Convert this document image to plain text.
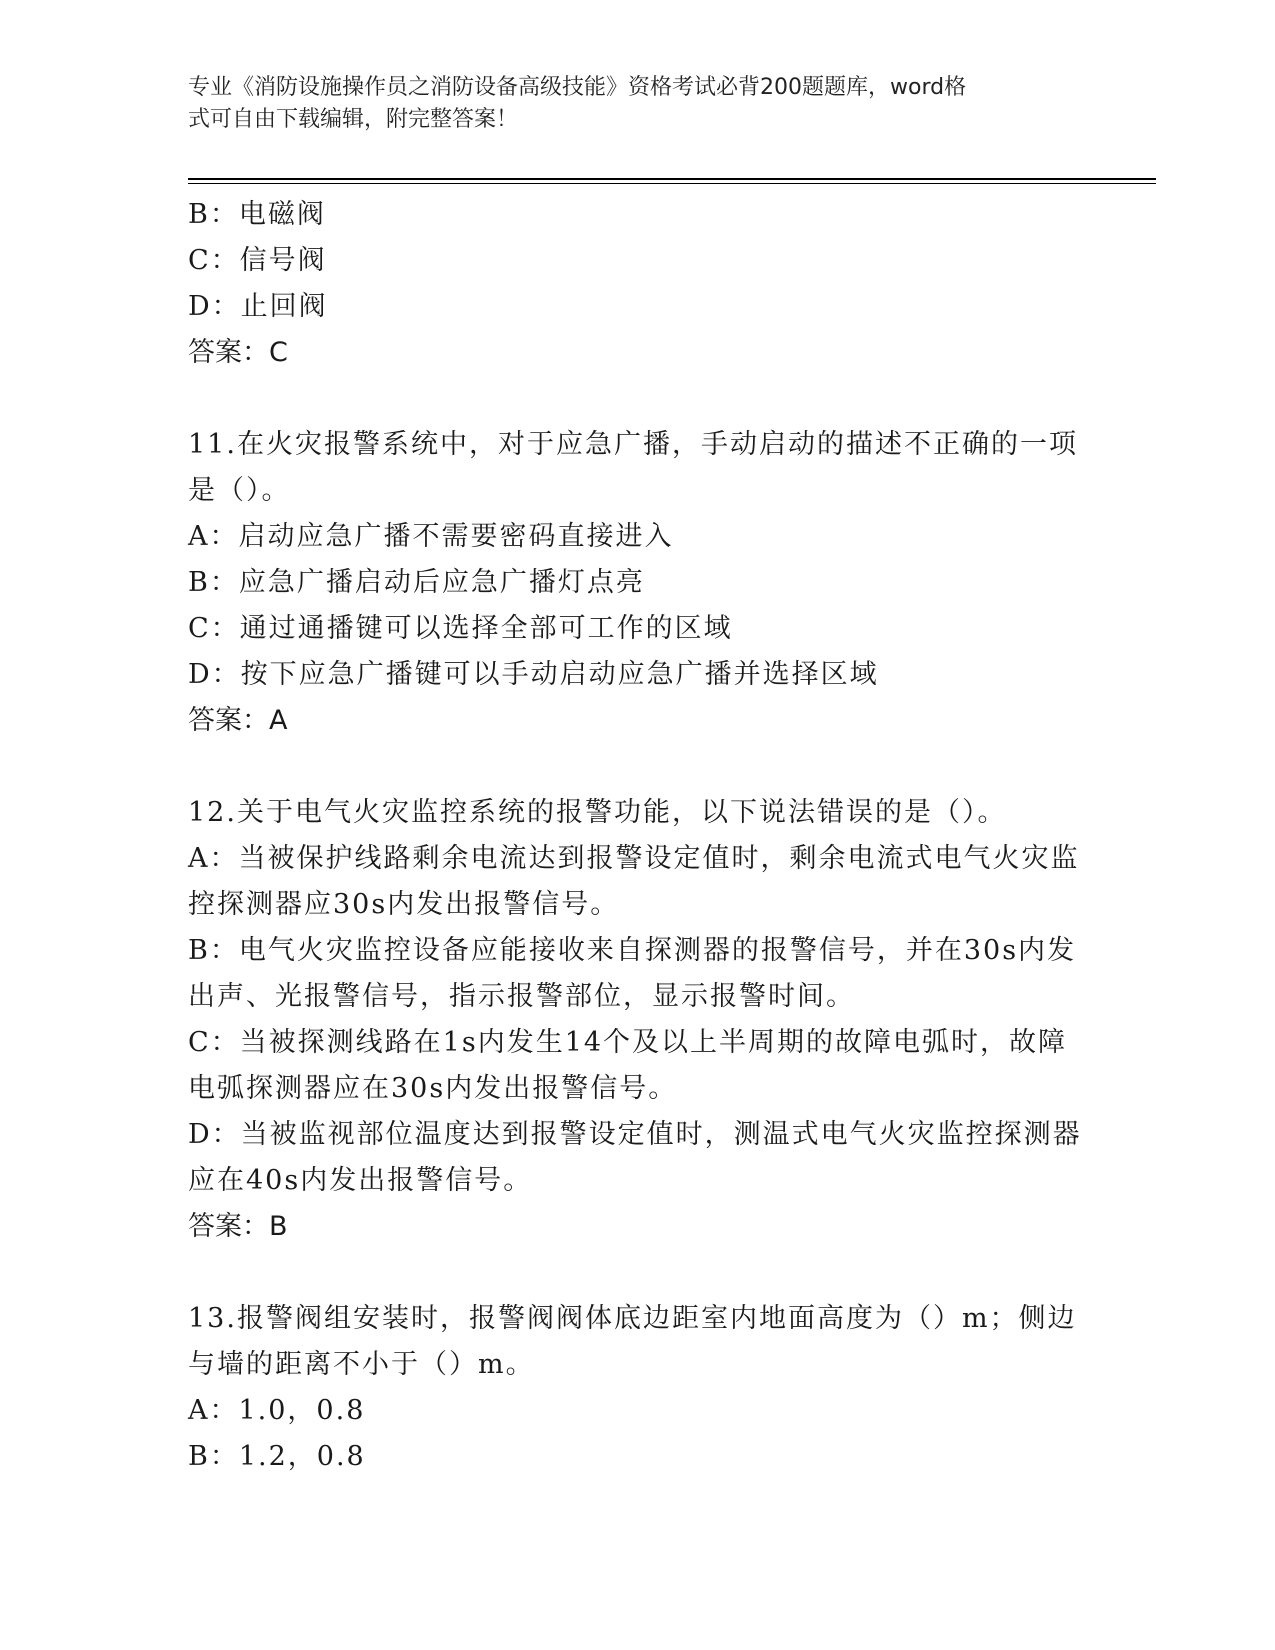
专业《消防设施操作员之消防设备高级技能》资格考试必背200题题库，word格
式可自由下载编辑，附完整答案！
B：电磁阀
C：信号阀
D：止回阀
答案：C
11.在火灾报警系统中，对于应急广播，手动启动的描述不正确的一项
是（）。
A：启动应急广播不需要密码直接进入
B：应急广播启动后应急广播灯点亮
C：通过通播键可以选择全部可工作的区域
D：按下应急广播键可以手动启动应急广播并选择区域
答案：A
12.关于电气火灾监控系统的报警功能，以下说法错误的是（）。
A：当被保护线路剩余电流达到报警设定值时，剩余电流式电气火灾监
控探测器应30s内发出报警信号。
B：电气火灾监控设备应能接收来自探测器的报警信号，并在30s内发
出声、光报警信号，指示报警部位，显示报警时间。
C：当被探测线路在1s内发生14个及以上半周期的故障电弧时，故障
电弧探测器应在30s内发出报警信号。
D：当被监视部位温度达到报警设定值时，测温式电气火灾监控探测器
应在40s内发出报警信号。
答案：B
13.报警阀组安装时，报警阀阀体底边距室内地面高度为（）m；侧边
与墙的距离不小于（）m。
A：1.0，0.8
B：1.2，0.8
